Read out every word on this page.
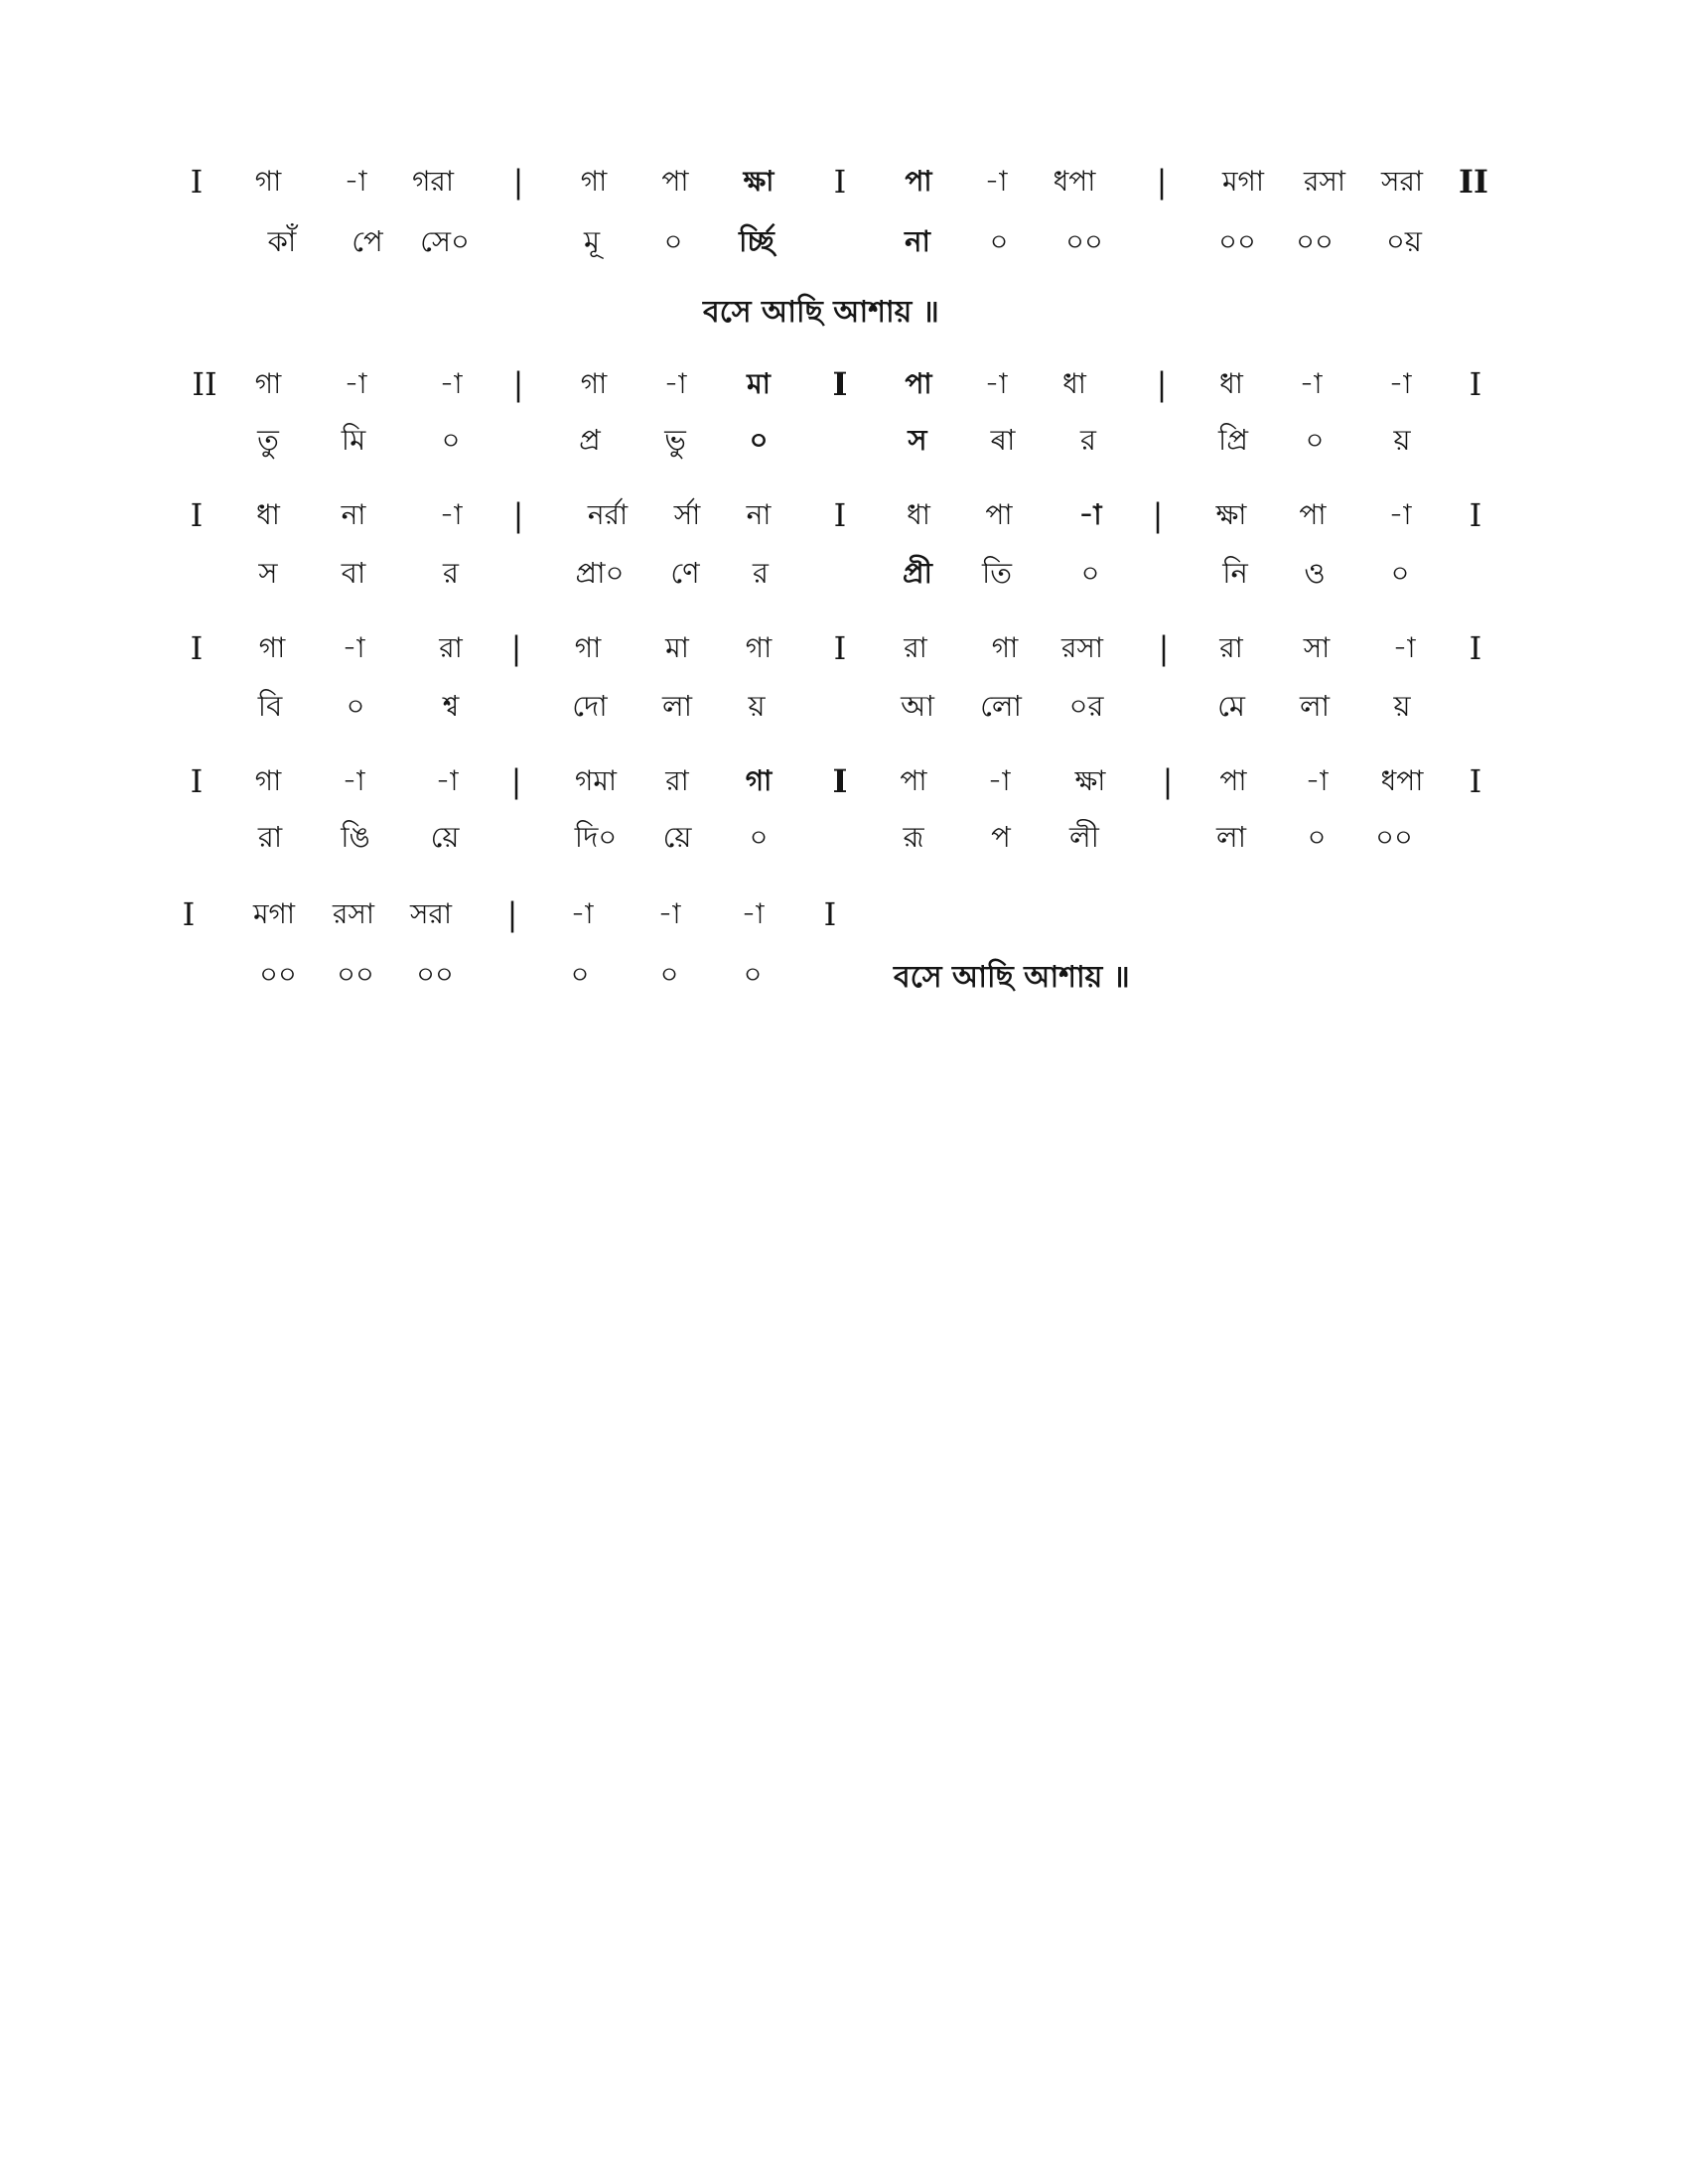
I গা -া গরা | গা পা ক্ষা I পা -া ধপা | মগা রসা সরা II
কাঁ পে সে০	মূ ০ র্চ্ছি	না ০ ০০	০০ ০০ ০য়
বসে আছি আশায় ॥
II গা -া	-া | গা -া মা I পা -া ধা | ধা -া -া I
তু মি	০	প্র ভু ০	স ৰা র	প্রি ০ য়
I ধা না	-া | নর্রা র্সা না I ধা পা -া | ক্ষা পা -া I
স বা	র	প্রা০ ণে র	প্রী তি ০	নি ও ০
I গা -া	রা | গা মা গা I রা গা রসা | রা সা -া I
বি ০	শ্ব	দো লা য়	আ লো ০র	মে লা য়
I গা -া	-া | গমা রা গা I পা -া ক্ষা | পা -া ধপা I
রা ঙি য়ে	দি০ য়ে ০	রূ প লী	লা ০ ০০
I মগা রসা সরা | -া -া -া I
০০ ০০ ০০	০ ০ ০	বসে আছি আশায় ॥
